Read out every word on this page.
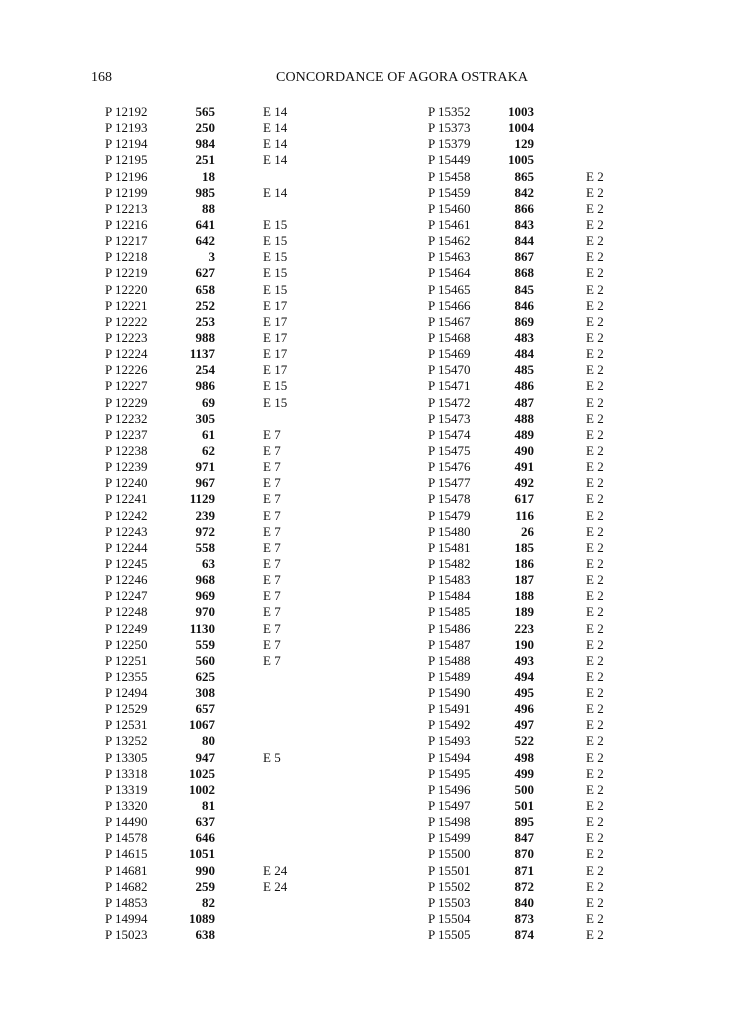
168	CONCORDANCE OF AGORA OSTRAKA
P 12192	565	E 14
P 12193	250	E 14
P 12194	984	E 14
P 12195	251	E 14
P 12196	18
P 12199	985	E 14
P 12213	88
P 12216	641	E 15
P 12217	642	E 15
P 12218	3	E 15
P 12219	627	E 15
P 12220	658	E 15
P 12221	252	E 17
P 12222	253	E 17
P 12223	988	E 17
P 12224	1137	E 17
P 12226	254	E 17
P 12227	986	E 15
P 12229	69	E 15
P 12232	305
P 12237	61	E 7
P 12238	62	E 7
P 12239	971	E 7
P 12240	967	E 7
P 12241	1129	E 7
P 12242	239	E 7
P 12243	972	E 7
P 12244	558	E 7
P 12245	63	E 7
P 12246	968	E 7
P 12247	969	E 7
P 12248	970	E 7
P 12249	1130	E 7
P 12250	559	E 7
P 12251	560	E 7
P 12355	625
P 12494	308
P 12529	657
P 12531	1067
P 13252	80
P 13305	947	E 5
P 13318	1025
P 13319	1002
P 13320	81
P 14490	637
P 14578	646
P 14615	1051
P 14681	990	E 24
P 14682	259	E 24
P 14853	82
P 14994	1089
P 15023	638
P 15352	1003
P 15373	1004
P 15379	129
P 15449	1005
P 15458	865	E 2
P 15459	842	E 2
P 15460	866	E 2
P 15461	843	E 2
P 15462	844	E 2
P 15463	867	E 2
P 15464	868	E 2
P 15465	845	E 2
P 15466	846	E 2
P 15467	869	E 2
P 15468	483	E 2
P 15469	484	E 2
P 15470	485	E 2
P 15471	486	E 2
P 15472	487	E 2
P 15473	488	E 2
P 15474	489	E 2
P 15475	490	E 2
P 15476	491	E 2
P 15477	492	E 2
P 15478	617	E 2
P 15479	116	E 2
P 15480	26	E 2
P 15481	185	E 2
P 15482	186	E 2
P 15483	187	E 2
P 15484	188	E 2
P 15485	189	E 2
P 15486	223	E 2
P 15487	190	E 2
P 15488	493	E 2
P 15489	494	E 2
P 15490	495	E 2
P 15491	496	E 2
P 15492	497	E 2
P 15493	522	E 2
P 15494	498	E 2
P 15495	499	E 2
P 15496	500	E 2
P 15497	501	E 2
P 15498	895	E 2
P 15499	847	E 2
P 15500	870	E 2
P 15501	871	E 2
P 15502	872	E 2
P 15503	840	E 2
P 15504	873	E 2
P 15505	874	E 2
